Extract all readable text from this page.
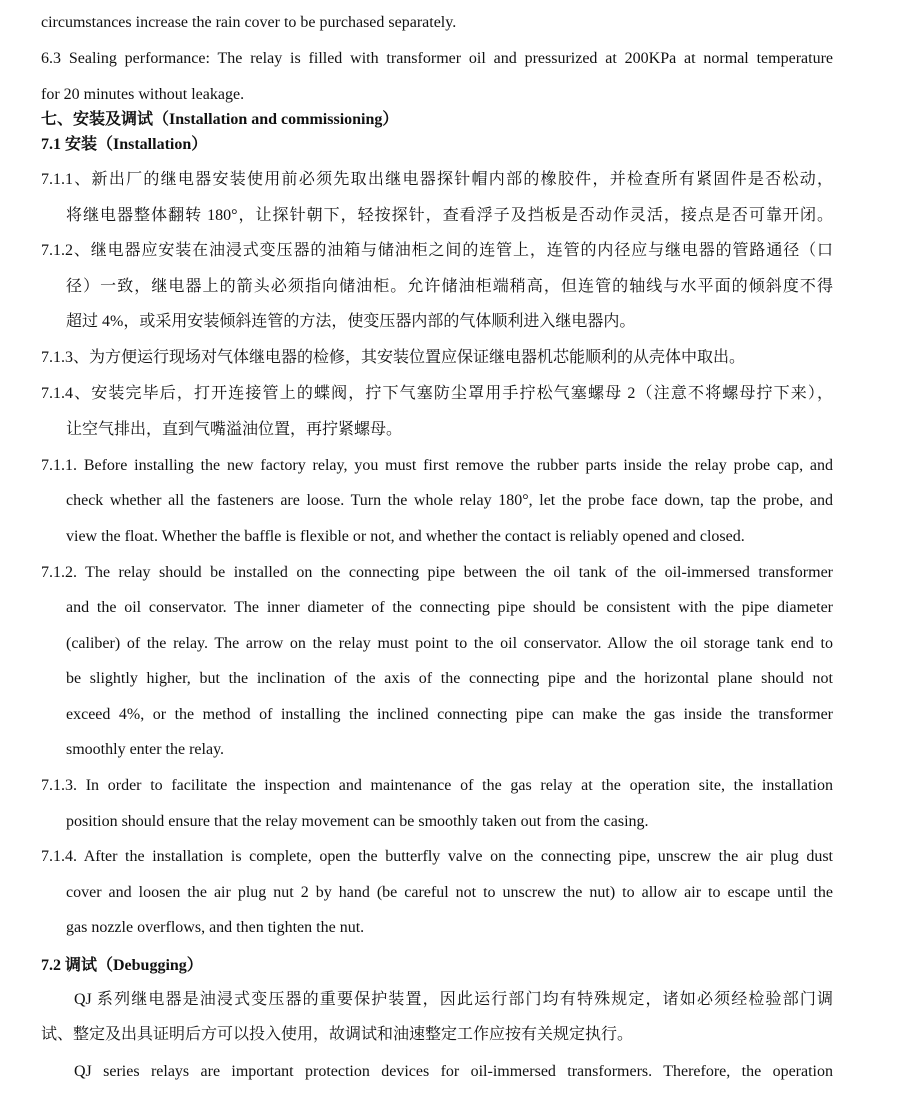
circumstances increase the rain cover to be purchased separately.
6.3 Sealing performance: The relay is filled with transformer oil and pressurized at 200KPa at normal temperature
for 20 minutes without leakage.
七、安装及调试（Installation and commissioning）
7.1 安装（Installation）
7.1.1、新出厂的继电器安装使用前必须先取出继电器探针帽内部的橡胶件，并检查所有紧固件是否松动，
将继电器整体翻转 180°，让探针朝下，轻按探针，查看浮子及挡板是否动作灵活，接点是否可靠开闭。
7.1.2、继电器应安装在油浸式变压器的油箱与储油柜之间的连管上，连管的内径应与继电器的管路通径（口
径）一致，继电器上的箭头必须指向储油柜。允许储油柜端稍高，但连管的轴线与水平面的倾斜度不得
超过 4%，或采用安装倾斜连管的方法，使变压器内部的气体顺利进入继电器内。
7.1.3、为方便运行现场对气体继电器的检修，其安装位置应保证继电器机芯能顺利的从壳体中取出。
7.1.4、安装完毕后，打开连接管上的蝶阀，拧下气塞防尘罩用手拧松气塞螺母 2（注意不将螺母拧下来），
让空气排出，直到气嘴溢油位置，再拧紧螺母。
7.1.1. Before installing the new factory relay, you must first remove the rubber parts inside the relay probe cap, and
check whether all the fasteners are loose. Turn the whole relay 180°, let the probe face down, tap the probe, and
view the float. Whether the baffle is flexible or not, and whether the contact is reliably opened and closed.
7.1.2. The relay should be installed on the connecting pipe between the oil tank of the oil-immersed transformer
and the oil conservator. The inner diameter of the connecting pipe should be consistent with the pipe diameter
(caliber) of the relay. The arrow on the relay must point to the oil conservator. Allow the oil storage tank end to
be slightly higher, but the inclination of the axis of the connecting pipe and the horizontal plane should not
exceed 4%, or the method of installing the inclined connecting pipe can make the gas inside the transformer
smoothly enter the relay.
7.1.3. In order to facilitate the inspection and maintenance of the gas relay at the operation site, the installation
position should ensure that the relay movement can be smoothly taken out from the casing.
7.1.4. After the installation is complete, open the butterfly valve on the connecting pipe, unscrew the air plug dust
cover and loosen the air plug nut 2 by hand (be careful not to unscrew the nut) to allow air to escape until the
gas nozzle overflows, and then tighten the nut.
7.2 调试（Debugging）
QJ 系列继电器是油浸式变压器的重要保护装置，因此运行部门均有特殊规定，诸如必须经检验部门调
试、整定及出具证明后方可以投入使用，故调试和油速整定工作应按有关规定执行。
QJ series relays are important protection devices for oil-immersed transformers. Therefore, the operation
